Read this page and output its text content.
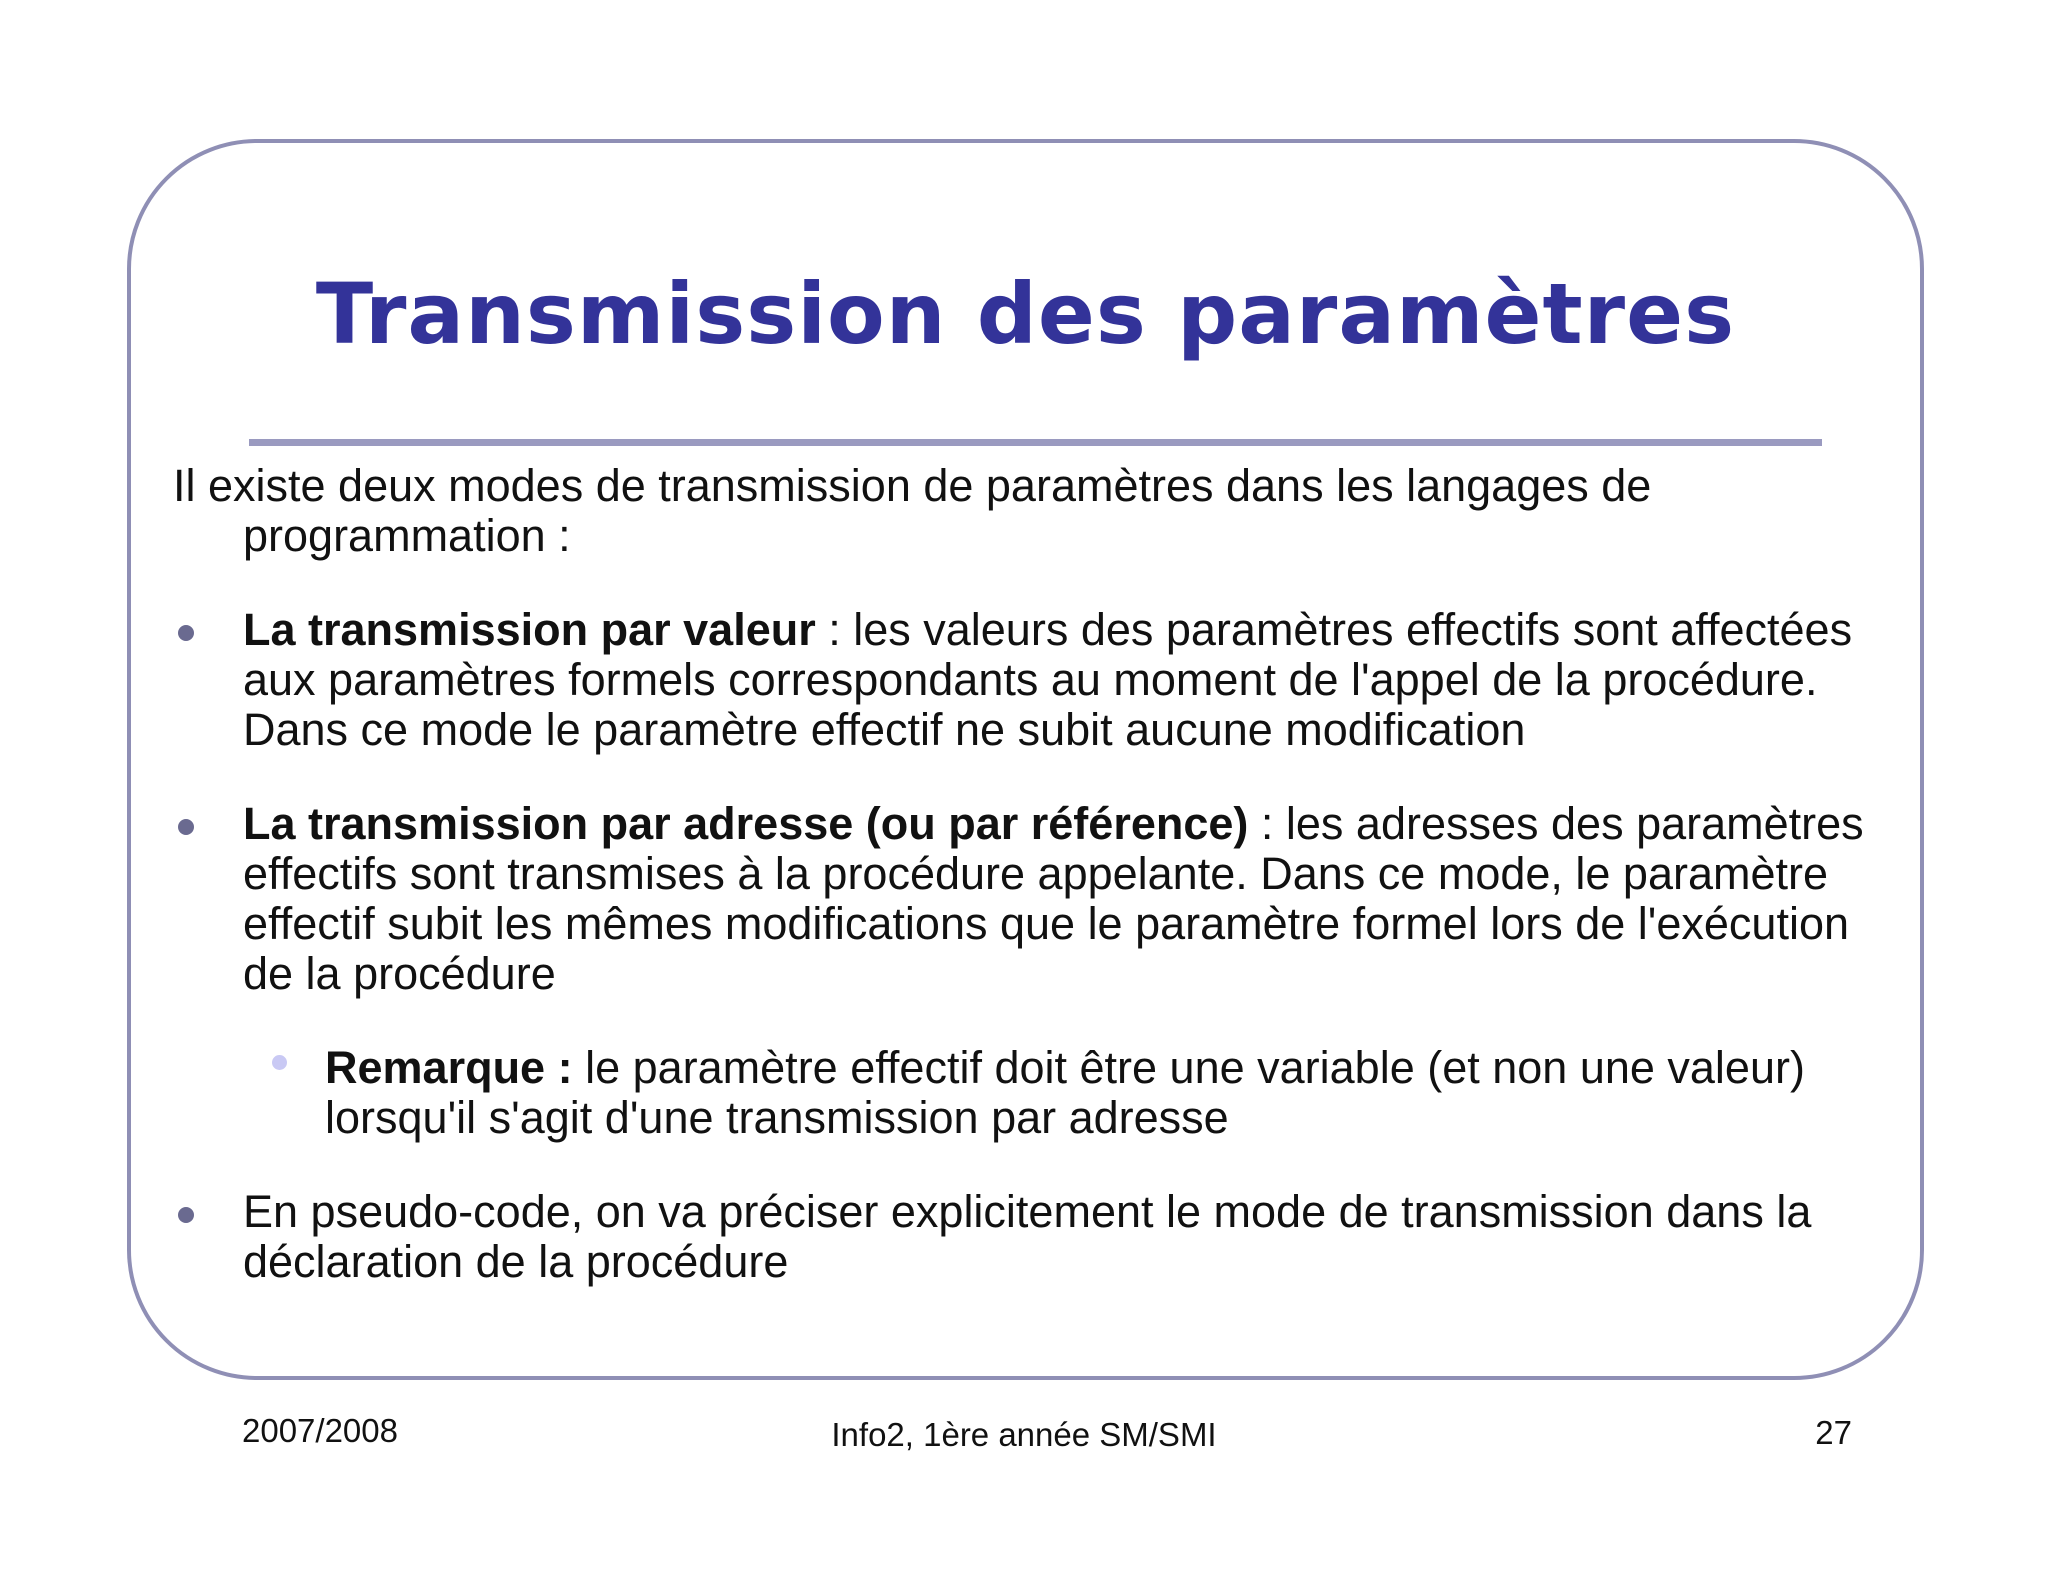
Transmission des paramètres

Il existe deux modes de transmission de paramètres dans les langages de programmation :

La transmission par valeur : les valeurs des paramètres effectifs sont affectées aux paramètres formels correspondants au moment de l'appel de la procédure. Dans ce mode le paramètre effectif ne subit aucune modification
La transmission par adresse (ou par référence) : les adresses des paramètres effectifs sont transmises à la procédure appelante. Dans ce mode, le paramètre effectif subit les mêmes modifications que le paramètre formel lors de l'exécution de la procédure
Remarque : le paramètre effectif doit être une variable (et non une valeur) lorsqu'il s'agit d'une transmission par adresse
En pseudo-code, on va préciser explicitement le mode de transmission dans la déclaration de la procédure
2007/2008	Info2, 1ère année SM/SMI	27
